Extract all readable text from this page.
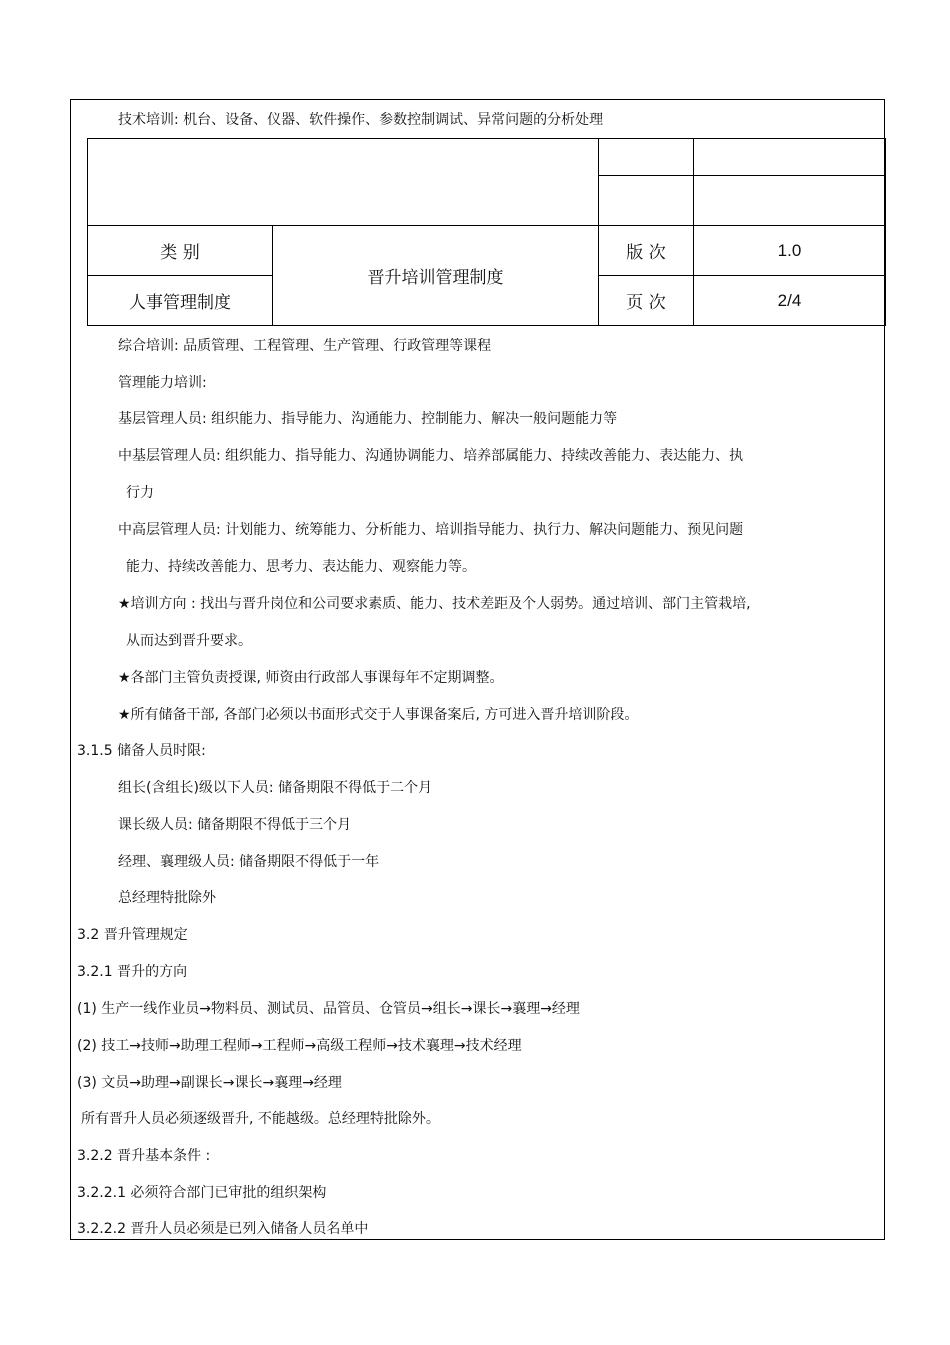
技术培训: 机台、设备、仪器、软件操作、参数控制调试、异常问题的分析处理

类 别	晋升培训管理制度	版 次	1.0
人事管理制度		页 次	2/4
综合培训: 品质管理、工程管理、生产管理、行政管理等课程
管理能力培训:
基层管理人员: 组织能力、指导能力、沟通能力、控制能力、解决一般问题能力等
中基层管理人员: 组织能力、指导能力、沟通协调能力、培养部属能力、持续改善能力、表达能力、执
行力
中高层管理人员: 计划能力、统筹能力、分析能力、培训指导能力、执行力、解决问题能力、预见问题
能力、持续改善能力、思考力、表达能力、观察能力等。
★培训方向 : 找出与晋升岗位和公司要求素质、能力、技术差距及个人弱势。通过培训、部门主管栽培,
从而达到晋升要求。
★各部门主管负责授课, 师资由行政部人事课每年不定期调整。
★所有储备干部, 各部门必须以书面形式交于人事课备案后, 方可进入晋升培训阶段。
3.1.5 储备人员时限:
组长(含组长)级以下人员: 储备期限不得低于二个月
课长级人员: 储备期限不得低于三个月
经理、襄理级人员: 储备期限不得低于一年
总经理特批除外
3.2 晋升管理规定
3.2.1 晋升的方向
(1) 生产一线作业员→物料员、测试员、品管员、仓管员→组长→课长→襄理→经理
(2) 技工→技师→助理工程师→工程师→高级工程师→技术襄理→技术经理
(3) 文员→助理→副课长→课长→襄理→经理
所有晋升人员必须逐级晋升, 不能越级。总经理特批除外。
3.2.2 晋升基本条件 :
3.2.2.1 必须符合部门已审批的组织架构
3.2.2.2 晋升人员必须是已列入储备人员名单中
